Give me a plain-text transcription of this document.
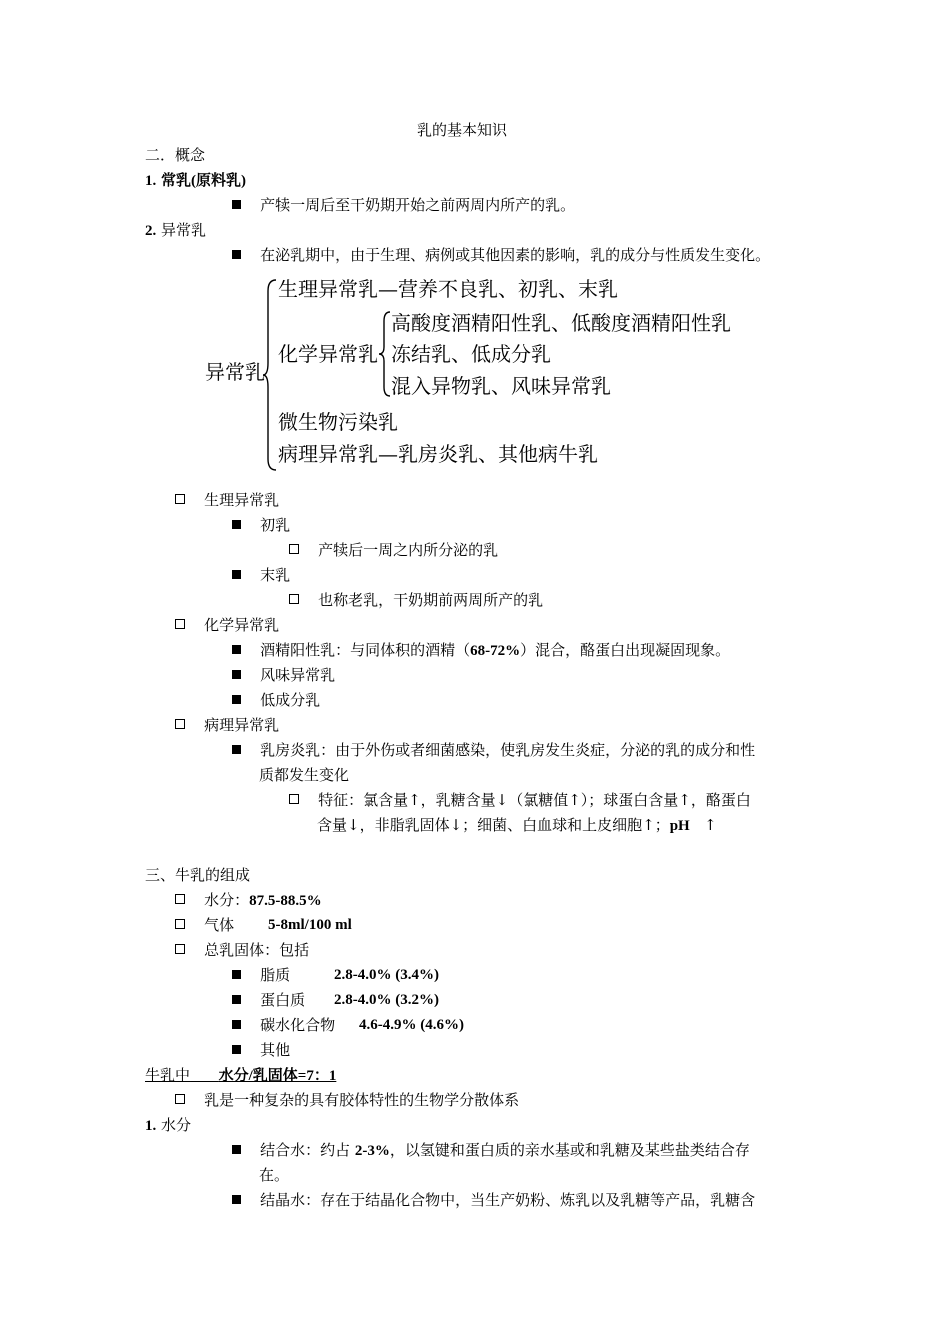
乳的基本知识
二．概念
1. 常乳(原料乳)
产犊一周后至干奶期开始之前两周内所产的乳。
2. 异常乳
在泌乳期中，由于生理、病例或其他因素的影响，乳的成分与性质发生变化。
异常乳
生理异常乳—营养不良乳、初乳、末乳
化学异常乳
高酸度酒精阳性乳、低酸度酒精阳性乳
冻结乳、低成分乳
混入异物乳、风味异常乳
微生物污染乳
病理异常乳—乳房炎乳、其他病牛乳
生理异常乳
初乳
产犊后一周之内所分泌的乳
末乳
也称老乳，干奶期前两周所产的乳
化学异常乳
酒精阳性乳：与同体积的酒精（68-72%）混合，酪蛋白出现凝固现象。
风味异常乳
低成分乳
病理异常乳
乳房炎乳：由于外伤或者细菌感染，使乳房发生炎症，分泌的乳的成分和性
质都发生变化
特征：氯含量↑，乳糖含量↓（氯糖值↑）；球蛋白含量↑，酪蛋白
含量↓，非脂乳固体↓；细菌、白血球和上皮细胞↑；pH ↑
三、牛乳的组成
水分：87.5-88.5%
气体 5-8ml/100 ml
总乳固体：包括
脂质	2.8-4.0% (3.4%)
蛋白质 2.8-4.0% (3.2%)
碳水化合物 4.6-4.9% (4.6%)
其他
牛乳中 水分/乳固体=7：1
乳是一种复杂的具有胶体特性的生物学分散体系
1. 水分
结合水：约占 2-3%，以氢键和蛋白质的亲水基或和乳糖及某些盐类结合存
在。
结晶水：存在于结晶化合物中，当生产奶粉、炼乳以及乳糖等产品，乳糖含
